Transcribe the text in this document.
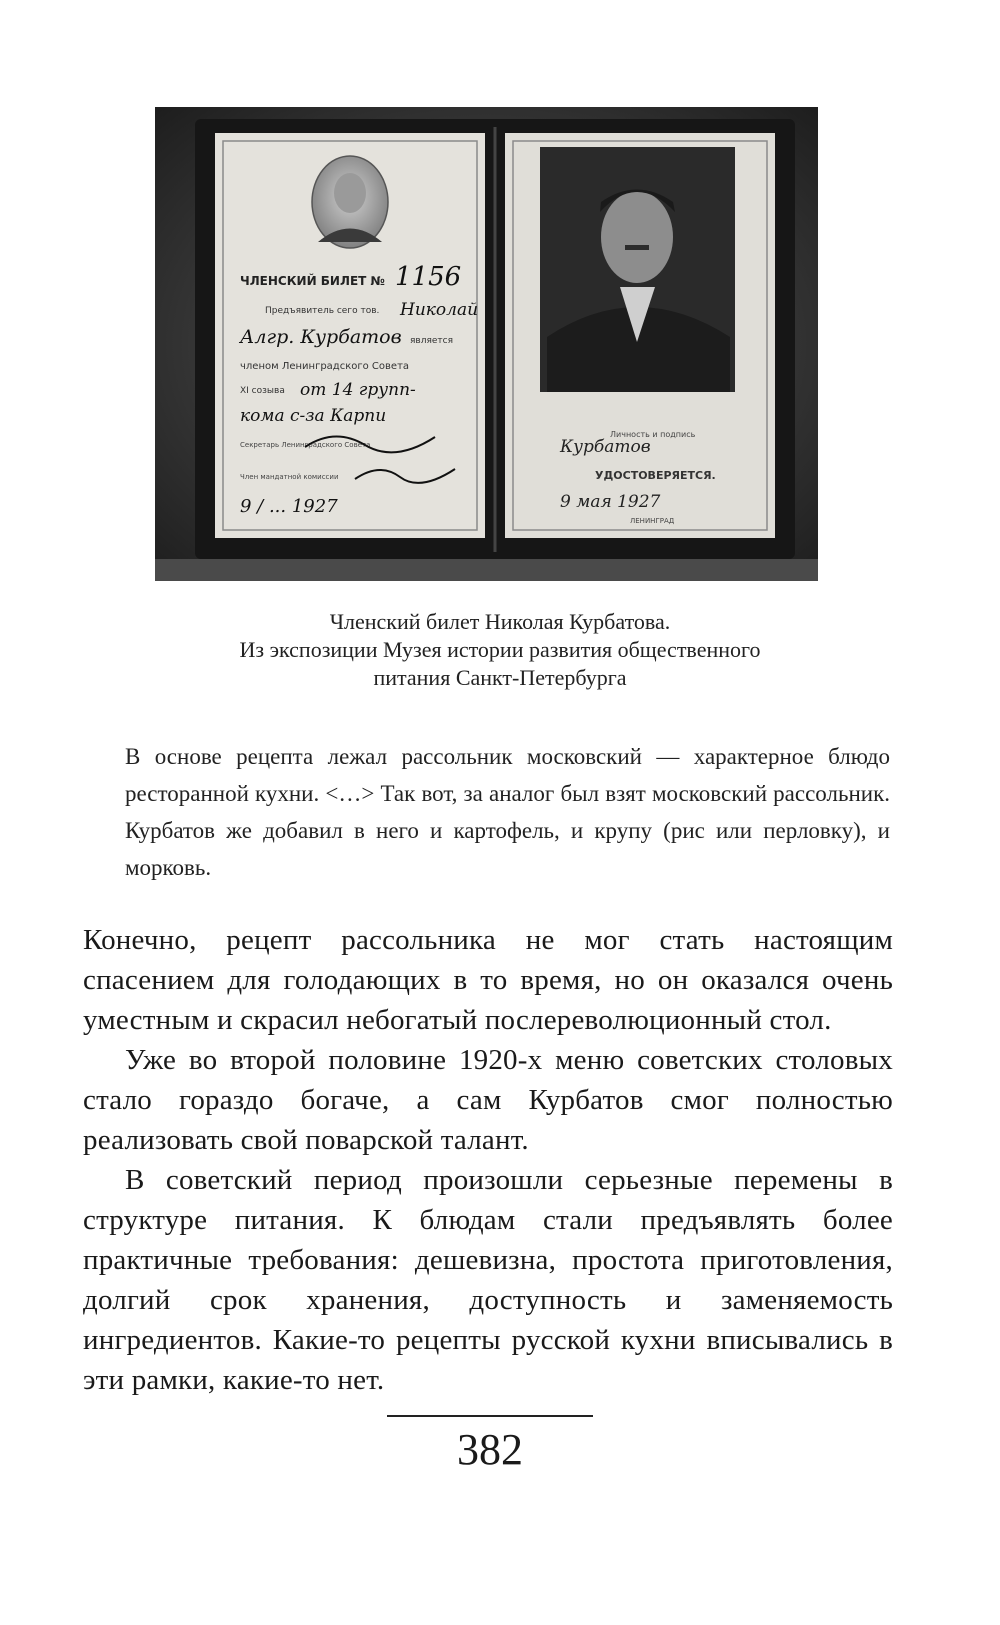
ЧЛЕНСКИЙ БИЛЕТ № 1156
Предъявитель сего тов. Николай
Алгр. Курбатов является
членом Ленинградского Совета
XI созыва от 14 групп-
кома с-за Карпи
Секретарь Ленинградского Совета
Член мандатной комиссии
9 / ... 1927
Личность и подпись
Курбатов
УДОСТОВЕРЯЕТСЯ.
9 мая 1927
ЛЕНИНГРАД
Членский билет Николая Курбатова.
Из экспозиции Музея истории развития общественного
питания Санкт-Петербурга

В основе рецепта лежал рассольник московский — характерное блюдо ресторанной кухни. <…> Так вот, за аналог был взят московский рассольник. Курбатов же добавил в него и картофель, и крупу (рис или перловку), и морковь.

Конечно, рецепт рассольника не мог стать настоящим спасением для голодающих в то время, но он оказался очень уместным и скрасил небогатый послереволюционный стол.

Уже во второй половине 1920-х меню советских столовых стало гораздо богаче, а сам Курбатов смог полностью реализовать свой поварской талант.

В советский период произошли серьезные перемены в структуре питания. К блюдам стали предъявлять более практичные требования: дешевизна, простота приготовления, долгий срок хранения, доступность и заменяемость ингредиентов. Какие-то рецепты русской кухни вписывались в эти рамки, какие-то нет.

382
